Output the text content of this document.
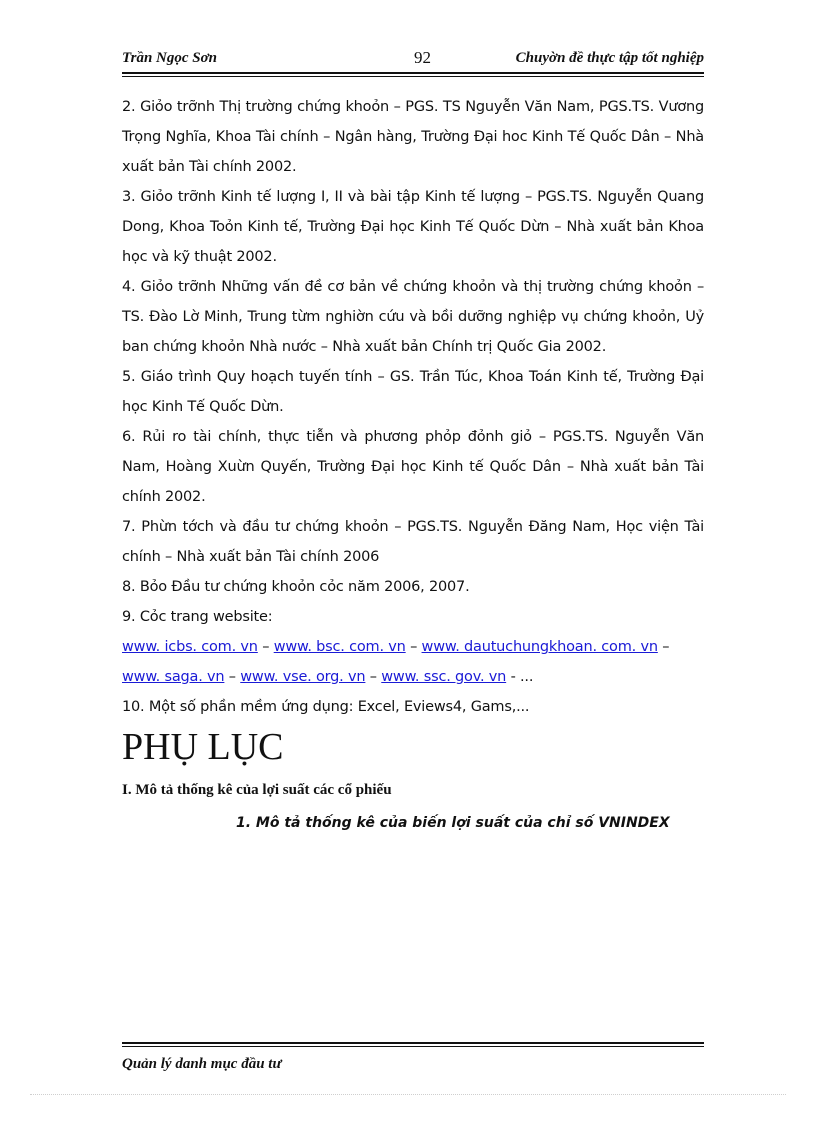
Trần Ngọc Sơn	92	Chuyờn đề thực tập tốt nghiệp

2. Giỏo trỡnh Thị trường chứng khoỏn – PGS. TS Nguyễn Văn Nam, PGS.TS. Vương Trọng Nghĩa, Khoa Tài chính – Ngân hàng, Trường Đại hoc Kinh Tế Quốc Dân – Nhà xuất bản Tài chính 2002.

3. Giỏo trỡnh Kinh tế lượng I, II và bài tập Kinh tế lượng – PGS.TS. Nguyễn Quang Dong, Khoa Toỏn Kinh tế, Trường Đại học Kinh Tế Quốc Dừn – Nhà xuất bản Khoa học và kỹ thuật 2002.

4. Giỏo trỡnh Những vấn đề cơ bản về chứng khoỏn và thị trường chứng khoỏn – TS. Đào Lờ Minh, Trung từm nghiờn cứu và bồi dưỡng nghiệp vụ chứng khoỏn, Uỷ ban chứng khoỏn Nhà nước – Nhà xuất bản Chính trị Quốc Gia 2002.

5. Giáo trình Quy hoạch tuyến tính – GS. Trần Túc, Khoa Toán Kinh tế, Trường Đại học Kinh Tế Quốc Dừn.

6. Rủi ro tài chính, thực tiễn và phương phỏp đỏnh giỏ – PGS.TS. Nguyễn Văn Nam, Hoàng Xuừn Quyến, Trường Đại học Kinh tế Quốc Dân – Nhà xuất bản Tài chính 2002.

7. Phừn tớch và đầu tư chứng khoỏn – PGS.TS. Nguyễn Đăng Nam, Học viện Tài chính – Nhà xuất bản Tài chính 2006

8. Bỏo Đầu tư chứng khoỏn cỏc năm 2006, 2007.

9. Cỏc trang website:

www. icbs. com. vn – www. bsc. com. vn – www. dautuchungkhoan. com. vn –

www. saga. vn – www. vse. org. vn – www. ssc. gov. vn - ...

10. Một số phần mềm ứng dụng: Excel, Eviews4, Gams,...

PHỤ LỤC
I. Mô tả thống kê của lợi suất các cổ phiếu
1. Mô tả thống kê của biến lợi suất của chỉ số VNINDEX
Quản lý danh mục đầu tư
